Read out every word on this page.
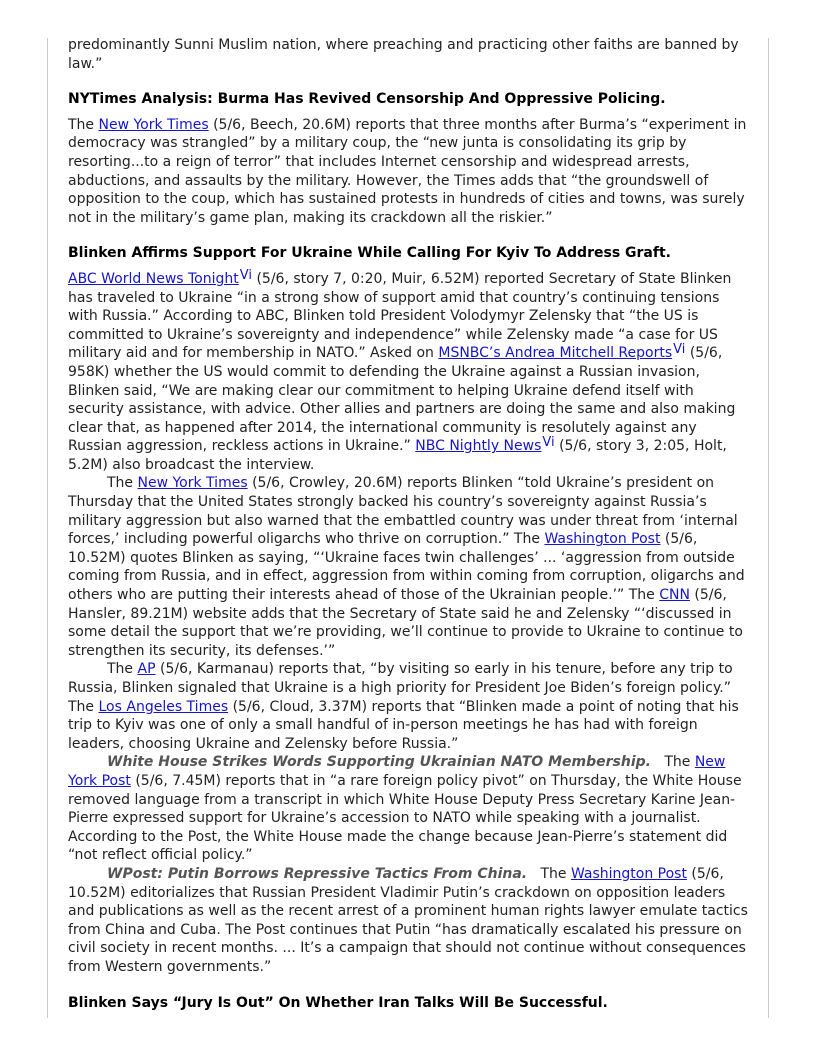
predominantly Sunni Muslim nation, where preaching and practicing other faiths are banned by law.”

NYTimes Analysis: Burma Has Revived Censorship And Oppressive Policing.

The New York Times (5/6, Beech, 20.6M) reports that three months after Burma’s “experiment in democracy was strangled” by a military coup, the “new junta is consolidating its grip by resorting...to a reign of terror” that includes Internet censorship and widespread arrests, abductions, and assaults by the military. However, the Times adds that “the groundswell of opposition to the coup, which has sustained protests in hundreds of cities and towns, was surely not in the military’s game plan, making its crackdown all the riskier.”

Blinken Affirms Support For Ukraine While Calling For Kyiv To Address Graft.

ABC World News Tonight$^{Vi}$ (5/6, story 7, 0:20, Muir, 6.52M) reported Secretary of State Blinken has traveled to Ukraine “in a strong show of support amid that country’s continuing tensions with Russia.” According to ABC, Blinken told President Volodymyr Zelensky that “the US is committed to Ukraine’s sovereignty and independence” while Zelensky made “a case for US military aid and for membership in NATO.” Asked on MSNBC’s Andrea Mitchell Reports$^{Vi}$ (5/6, 958K) whether the US would commit to defending the Ukraine against a Russian invasion, Blinken said, “We are making clear our commitment to helping Ukraine defend itself with security assistance, with advice. Other allies and partners are doing the same and also making clear that, as happened after 2014, the international community is resolutely against any Russian aggression, reckless actions in Ukraine.” NBC Nightly News$^{Vi}$ (5/6, story 3, 2:05, Holt, 5.2M) also broadcast the interview.

The New York Times (5/6, Crowley, 20.6M) reports Blinken “told Ukraine’s president on Thursday that the United States strongly backed his country’s sovereignty against Russia’s military aggression but also warned that the embattled country was under threat from ‘internal forces,’ including powerful oligarchs who thrive on corruption.” The Washington Post (5/6, 10.52M) quotes Blinken as saying, “‘Ukraine faces twin challenges’ ... ‘aggression from outside coming from Russia, and in effect, aggression from within coming from corruption, oligarchs and others who are putting their interests ahead of those of the Ukrainian people.’” The CNN (5/6, Hansler, 89.21M) website adds that the Secretary of State said he and Zelensky “‘discussed in some detail the support that we’re providing, we’ll continue to provide to Ukraine to continue to strengthen its security, its defenses.’”

The AP (5/6, Karmanau) reports that, “by visiting so early in his tenure, before any trip to Russia, Blinken signaled that Ukraine is a high priority for President Joe Biden’s foreign policy.” The Los Angeles Times (5/6, Cloud, 3.37M) reports that “Blinken made a point of noting that his trip to Kyiv was one of only a small handful of in-person meetings he has had with foreign leaders, choosing Ukraine and Zelensky before Russia.”

White House Strikes Words Supporting Ukrainian NATO Membership.   The New York Post (5/6, 7.45M) reports that in “a rare foreign policy pivot” on Thursday, the White House removed language from a transcript in which White House Deputy Press Secretary Karine Jean-Pierre expressed support for Ukraine’s accession to NATO while speaking with a journalist. According to the Post, the White House made the change because Jean-Pierre’s statement did “not reflect official policy.”

WPost: Putin Borrows Repressive Tactics From China.   The Washington Post (5/6, 10.52M) editorializes that Russian President Vladimir Putin’s crackdown on opposition leaders and publications as well as the recent arrest of a prominent human rights lawyer emulate tactics from China and Cuba. The Post continues that Putin “has dramatically escalated his pressure on civil society in recent months. ... It’s a campaign that should not continue without consequences from Western governments.”

Blinken Says “Jury Is Out” On Whether Iran Talks Will Be Successful.
